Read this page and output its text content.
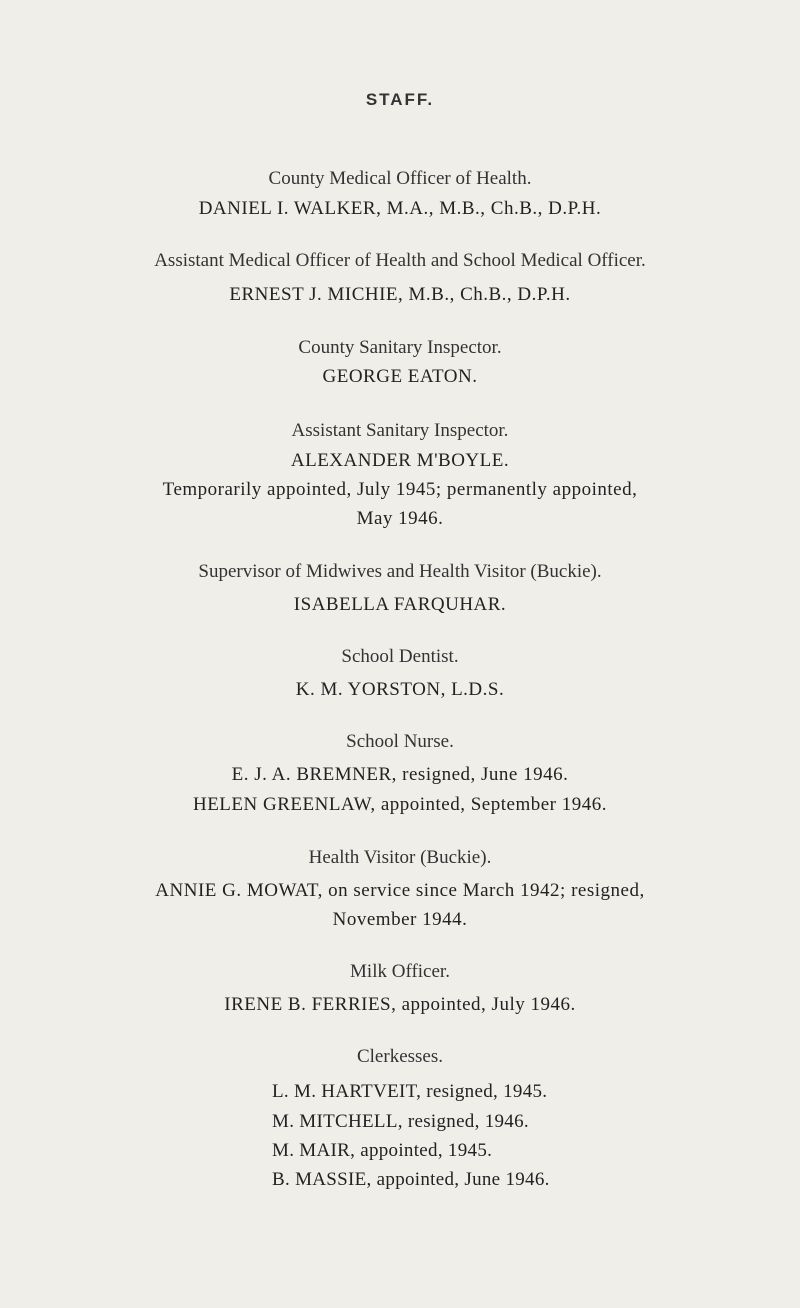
STAFF.
County Medical Officer of Health.
DANIEL I. WALKER, M.A., M.B., Ch.B., D.P.H.
Assistant Medical Officer of Health and School Medical Officer.
ERNEST J. MICHIE, M.B., Ch.B., D.P.H.
County Sanitary Inspector.
GEORGE EATON.
Assistant Sanitary Inspector.
ALEXANDER M'BOYLE.
Temporarily appointed, July 1945; permanently appointed,
May 1946.
Supervisor of Midwives and Health Visitor (Buckie).
ISABELLA FARQUHAR.
School Dentist.
K. M. YORSTON, L.D.S.
School Nurse.
E. J. A. BREMNER, resigned, June 1946.
HELEN GREENLAW, appointed, September 1946.
Health Visitor (Buckie).
ANNIE G. MOWAT, on service since March 1942; resigned,
November 1944.
Milk Officer.
IRENE B. FERRIES, appointed, July 1946.
Clerkesses.
L. M. HARTVEIT, resigned, 1945.
M. MITCHELL, resigned, 1946.
M. MAIR, appointed, 1945.
B. MASSIE, appointed, June 1946.
